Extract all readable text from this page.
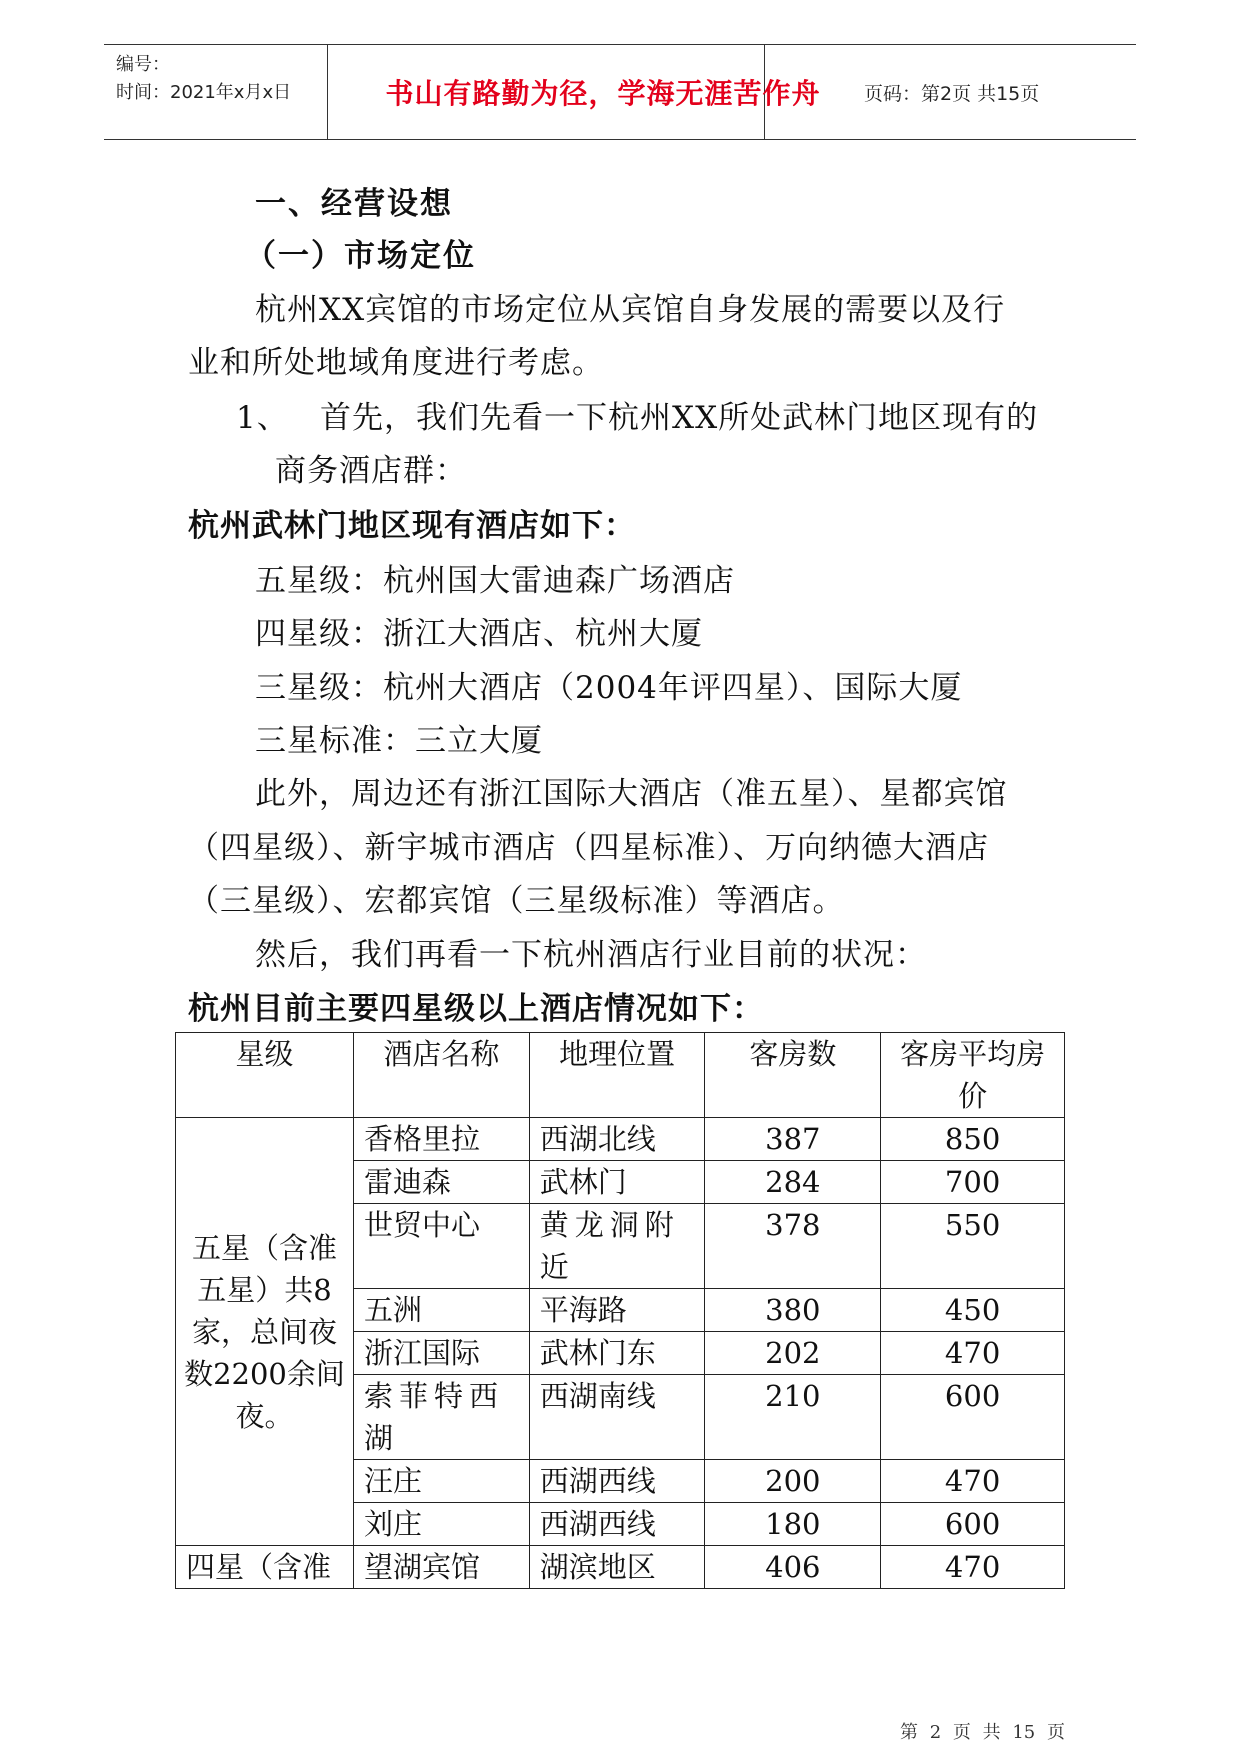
编号：
时间：2021年x月x日	书山有路勤为径，学海无涯苦作舟	页码：第2页 共15页
一、经营设想
（一）市场定位
杭州XX宾馆的市场定位从宾馆自身发展的需要以及行
业和所处地域角度进行考虑。
1、 首先，我们先看一下杭州XX所处武林门地区现有的
商务酒店群：
杭州武林门地区现有酒店如下：
五星级：杭州国大雷迪森广场酒店
四星级：浙江大酒店、杭州大厦
三星级：杭州大酒店（2004年评四星）、国际大厦
三星标准：三立大厦
此外，周边还有浙江国际大酒店（准五星）、星都宾馆
（四星级）、新宇城市酒店（四星标准）、万向纳德大酒店
（三星级）、宏都宾馆（三星级标准）等酒店。
然后，我们再看一下杭州酒店行业目前的状况：
杭州目前主要四星级以上酒店情况如下：
星级	酒店名称	地理位置	客房数	客房平均房价
五星（含准五星）共8家，总间夜数2200余间夜。	香格里拉	西湖北线	387	850
	雷迪森	武林门	284	700
	世贸中心	黄龙洞附近	378	550
	五洲	平海路	380	450
	浙江国际	武林门东	202	470
	索菲特西湖	西湖南线	210	600
	汪庄	西湖西线	200	470
	刘庄	西湖西线	180	600
四星（含准	望湖宾馆	湖滨地区	406	470
第 2 页 共 15 页
